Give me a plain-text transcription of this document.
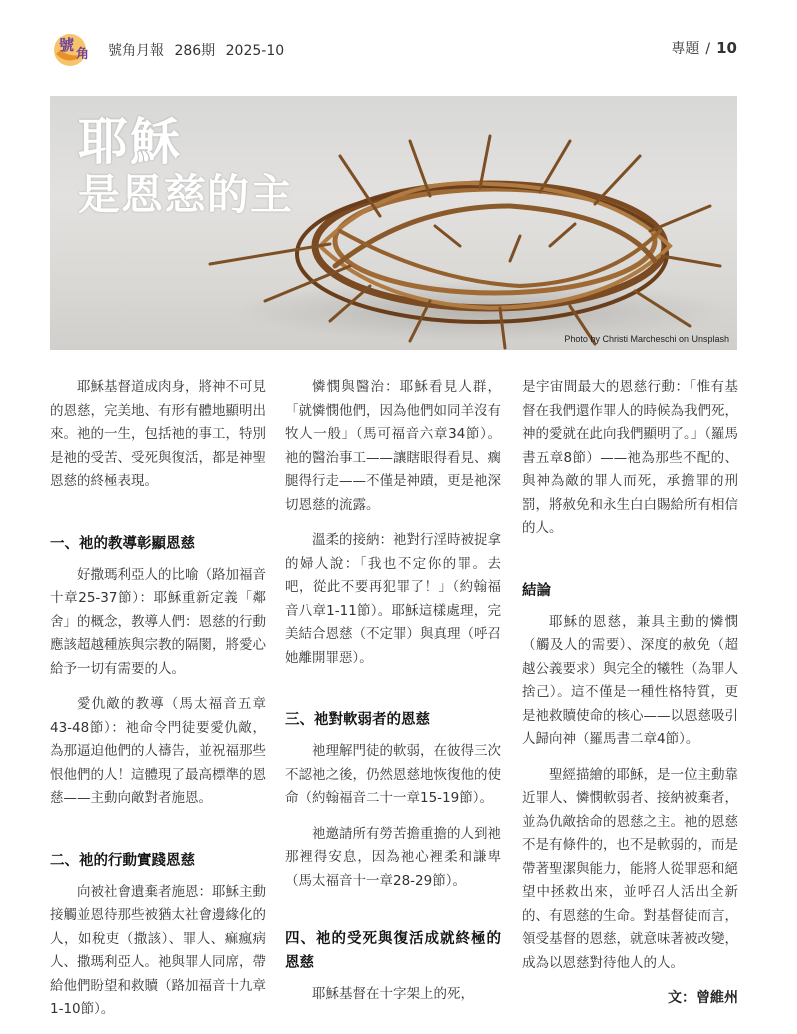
號
角 號角月報 286期 2025-10	專題 / 10
耶穌
是恩慈的主
Photo by Christi Marcheschi on Unsplash

耶穌基督道成肉身，將神不可見的恩慈，完美地、有形有體地顯明出來。祂的一生，包括祂的事工，特別是祂的受苦、受死與復活，都是神聖恩慈的終極表現。

一、祂的教導彰顯恩慈

好撒瑪利亞人的比喻（路加福音十章25-37節）：耶穌重新定義「鄰舍」的概念，教導人們：恩慈的行動應該超越種族與宗教的隔閡，將愛心給予一切有需要的人。

愛仇敵的教導（馬太福音五章43-48節）：祂命令門徒要愛仇敵，為那逼迫他們的人禱告，並祝福那些恨他們的人！這體現了最高標準的恩慈——主動向敵對者施恩。

二、祂的行動實踐恩慈

向被社會遺棄者施恩：耶穌主動接觸並恩待那些被猶太社會邊緣化的人，如稅吏（撒該）、罪人、痲瘋病人、撒瑪利亞人。祂與罪人同席，帶給他們盼望和救贖（路加福音十九章1-10節）。

憐憫與醫治：耶穌看見人群，「就憐憫他們，因為他們如同羊沒有牧人一般」（馬可福音六章34節）。祂的醫治事工——讓瞎眼得看見、瘸腿得行走——不僅是神蹟，更是祂深切恩慈的流露。

溫柔的接納：祂對行淫時被捉拿的婦人說：「我也不定你的罪。去吧，從此不要再犯罪了！」（約翰福音八章1-11節）。耶穌這樣處理，完美結合恩慈（不定罪）與真理（呼召她離開罪惡）。

三、祂對軟弱者的恩慈

祂理解門徒的軟弱，在彼得三次不認祂之後，仍然恩慈地恢復他的使命（約翰福音二十一章15-19節）。

祂邀請所有勞苦擔重擔的人到祂那裡得安息，因為祂心裡柔和謙卑（馬太福音十一章28-29節）。

四、祂的受死與復活成就終極的恩慈

耶穌基督在十字架上的死，

是宇宙間最大的恩慈行動：「惟有基督在我們還作罪人的時候為我們死，神的愛就在此向我們顯明了。」（羅馬書五章8節）——祂為那些不配的、與神為敵的罪人而死，承擔罪的刑罰，將赦免和永生白白賜給所有相信的人。

結論

耶穌的恩慈，兼具主動的憐憫（觸及人的需要）、深度的赦免（超越公義要求）與完全的犧牲（為罪人捨己）。這不僅是一種性格特質，更是祂救贖使命的核心——以恩慈吸引人歸向神（羅馬書二章4節）。

聖經描繪的耶穌，是一位主動靠近罪人、憐憫軟弱者、接納被棄者，並為仇敵捨命的恩慈之主。祂的恩慈不是有條件的，也不是軟弱的，而是帶著聖潔與能力，能將人從罪惡和絕望中拯救出來，並呼召人活出全新的、有恩慈的生命。對基督徒而言，領受基督的恩慈，就意味著被改變，成為以恩慈對待他人的人。

文：曾維州
